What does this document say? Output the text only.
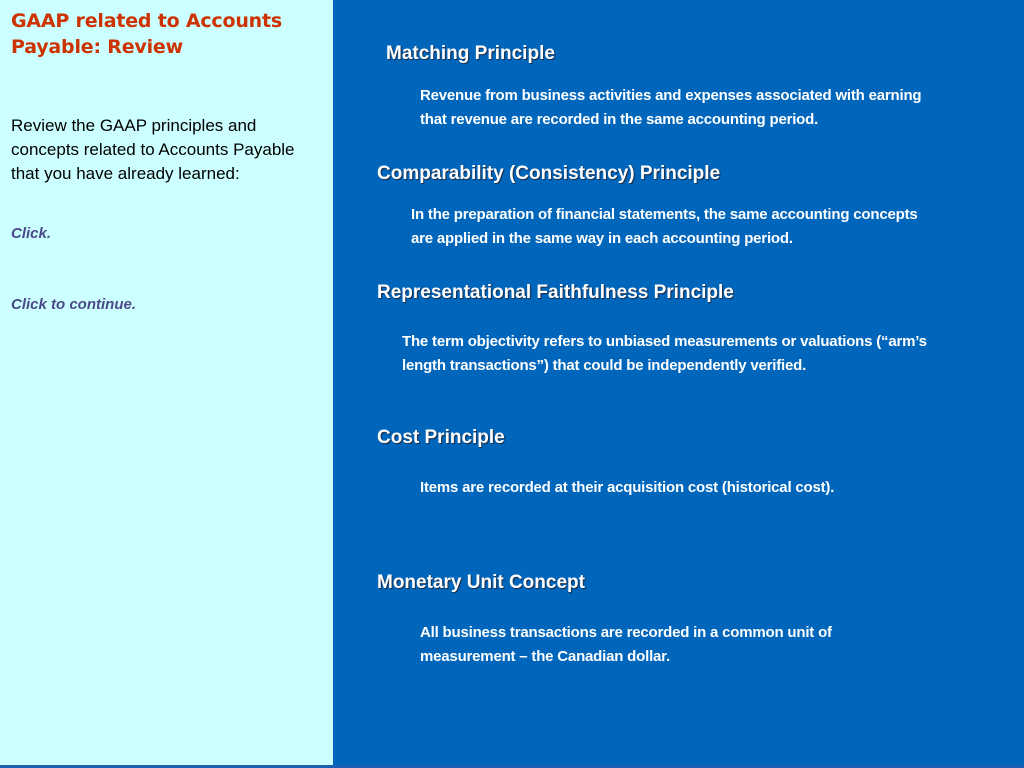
GAAP related to Accounts Payable: Review

Review the GAAP principles and concepts related to Accounts Payable that you have already learned:

Click.

Click to continue.

Matching Principle

Revenue from business activities and expenses associated with earning that revenue are recorded in the same accounting period.

Comparability (Consistency) Principle

In the preparation of financial statements, the same accounting concepts are applied in the same way in each accounting period.

Representational Faithfulness Principle

The term objectivity refers to unbiased measurements or valuations (“arm’s length transactions”) that could be independently verified.

Cost Principle

Items are recorded at their acquisition cost (historical cost).

Monetary Unit Concept

All business transactions are recorded in a common unit of measurement – the Canadian dollar.
